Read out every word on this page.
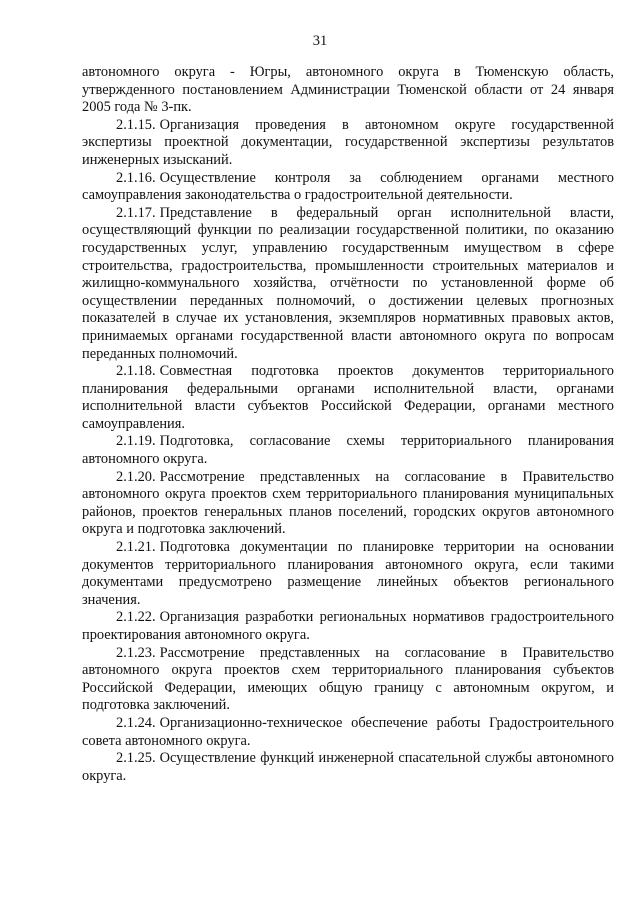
31

автономного округа - Югры, автономного округа в Тюменскую область, утвержденного постановлением Администрации Тюменской области от 24 января 2005 года № 3-пк.

2.1.15. Организация проведения в автономном округе государственной экспертизы проектной документации, государственной экспертизы результатов инженерных изысканий.

2.1.16. Осуществление контроля за соблюдением органами местного самоуправления законодательства о градостроительной деятельности.

2.1.17. Представление в федеральный орган исполнительной власти, осуществляющий функции по реализации государственной политики, по оказанию государственных услуг, управлению государственным имуществом в сфере строительства, градостроительства, промышленности строительных материалов и жилищно-коммунального хозяйства, отчётности по установленной форме об осуществлении переданных полномочий, о достижении целевых прогнозных показателей в случае их установления, экземпляров нормативных правовых актов, принимаемых органами государственной власти автономного округа по вопросам переданных полномочий.

2.1.18. Совместная подготовка проектов документов территориального планирования федеральными органами исполнительной власти, органами исполнительной власти субъектов Российской Федерации, органами местного самоуправления.

2.1.19. Подготовка, согласование схемы территориального планирования автономного округа.

2.1.20. Рассмотрение представленных на согласование в Правительство автономного округа проектов схем территориального планирования муниципальных районов, проектов генеральных планов поселений, городских округов автономного округа и подготовка заключений.

2.1.21. Подготовка документации по планировке территории на основании документов территориального планирования автономного округа, если такими документами предусмотрено размещение линейных объектов регионального значения.

2.1.22. Организация разработки региональных нормативов градостроительного проектирования автономного округа.

2.1.23. Рассмотрение представленных на согласование в Правительство автономного округа проектов схем территориального планирования субъектов Российской Федерации, имеющих общую границу с автономным округом, и подготовка заключений.

2.1.24. Организационно-техническое обеспечение работы Градостроительного совета автономного округа.

2.1.25. Осуществление функций инженерной спасательной службы автономного округа.
